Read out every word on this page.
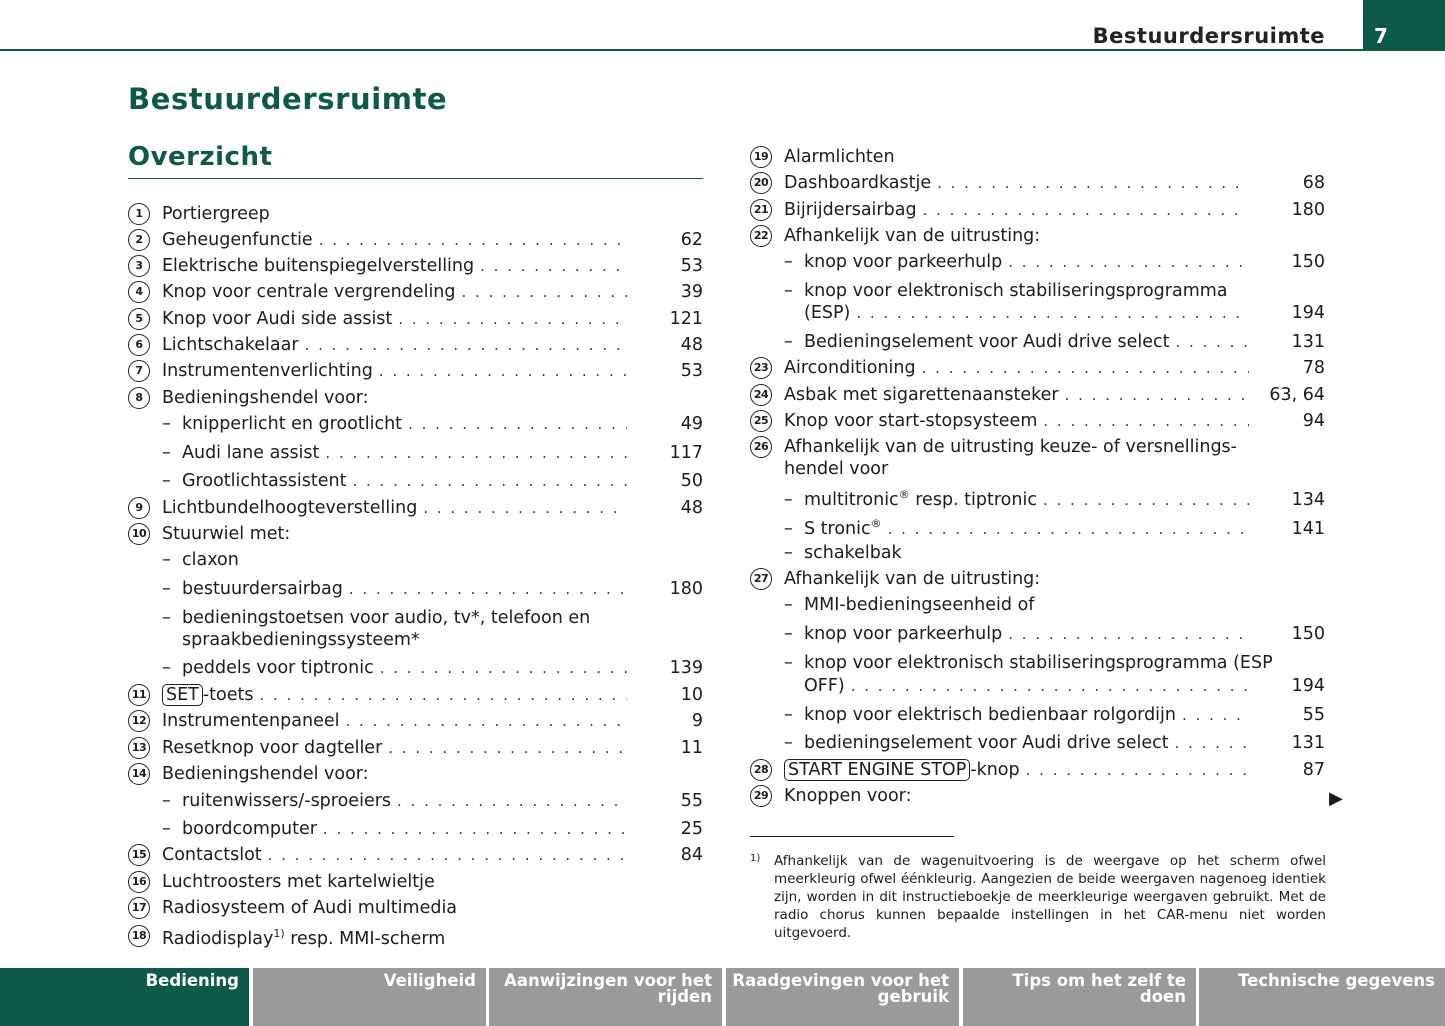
Bestuurdersruimte 7
Bestuurdersruimte
Overzicht
1	Portiergreep
2	Geheugenfunctie . . .	62
3	Elektrische buitenspiegelverstelling . . .	53
4	Knop voor centrale vergrendeling . . .	39
5	Knop voor Audi side assist . . .	121
6	Lichtschakelaar . . .	48
7	Instrumentenverlichting . . .	53
8	Bedieningshendel voor:
– knipperlicht en grootlicht . . .	49
– Audi lane assist . . .	117
– Grootlichtassistent . . .	50
9	Lichtbundelhoogteverstelling . . .	48
10 Stuurwiel met:
– claxon
– bestuurdersairbag . . .	180
– bedieningstoetsen voor audio, tv*, telefoon en
spraakbedieningssysteem*
– peddels voor tiptronic . . .	139
11 SET -toets . . .	10
12 Instrumentenpaneel . . .	9
13 Resetknop voor dagteller . . .	11
14 Bedieningshendel voor:
– ruitenwissers/-sproeiers . . .	55
– boordcomputer . . .	25
15 Contactslot . . .	84
16 Luchtroosters met kartelwieltje
17 Radiosysteem of Audi multimedia
18 Radiodisplay$^{1)}$ resp. MMI-scherm
19 Alarmlichten
20 Dashboardkastje . . .	68
21 Bijrijdersairbag . . .	180
22 Afhankelijk van de uitrusting:
– knop voor parkeerhulp . . .	150
– knop voor elektronisch stabiliseringsprogramma
(ESP) . . .	194
– Bedieningselement voor Audi drive select . . .	131
23 Airconditioning . . .	78
24 Asbak met sigarettenaansteker . . .	63, 64
25 Knop voor start-stopsysteem . . .	94
26 Afhankelijk van de uitrusting keuze- of versnellings-
hendel voor
– multitronic® resp. tiptronic . . .	134
– S tronic® . . .	141
– schakelbak
27 Afhankelijk van de uitrusting:
– MMI-bedieningseenheid of
– knop voor parkeerhulp . . .	150
– knop voor elektronisch stabiliseringsprogramma (ESP
OFF) . . .	194
– knop voor elektrisch bedienbaar rolgordijn . . .	55
– bedieningselement voor Audi drive select . . .	131
28 START ENGINE STOP -knop . . .	87
29 Knoppen voor:	▶
1) Afhankelijk van de wagenuitvoering is de weergave op het scherm ofwel meerkleurig ofwel éénkleurig. Aangezien de beide weergaven nagenoeg identiek zijn, worden in dit instructieboekje de meerkleurige weergaven gebruikt. Met de radio chorus kunnen bepaalde instellingen in het CAR-menu niet worden uitgevoerd.
Bediening	Veiligheid	Aanwijzingen voor het rijden
Raadgevingen voor het gebruik
Tips om het zelf te doen
Technische gegevens
